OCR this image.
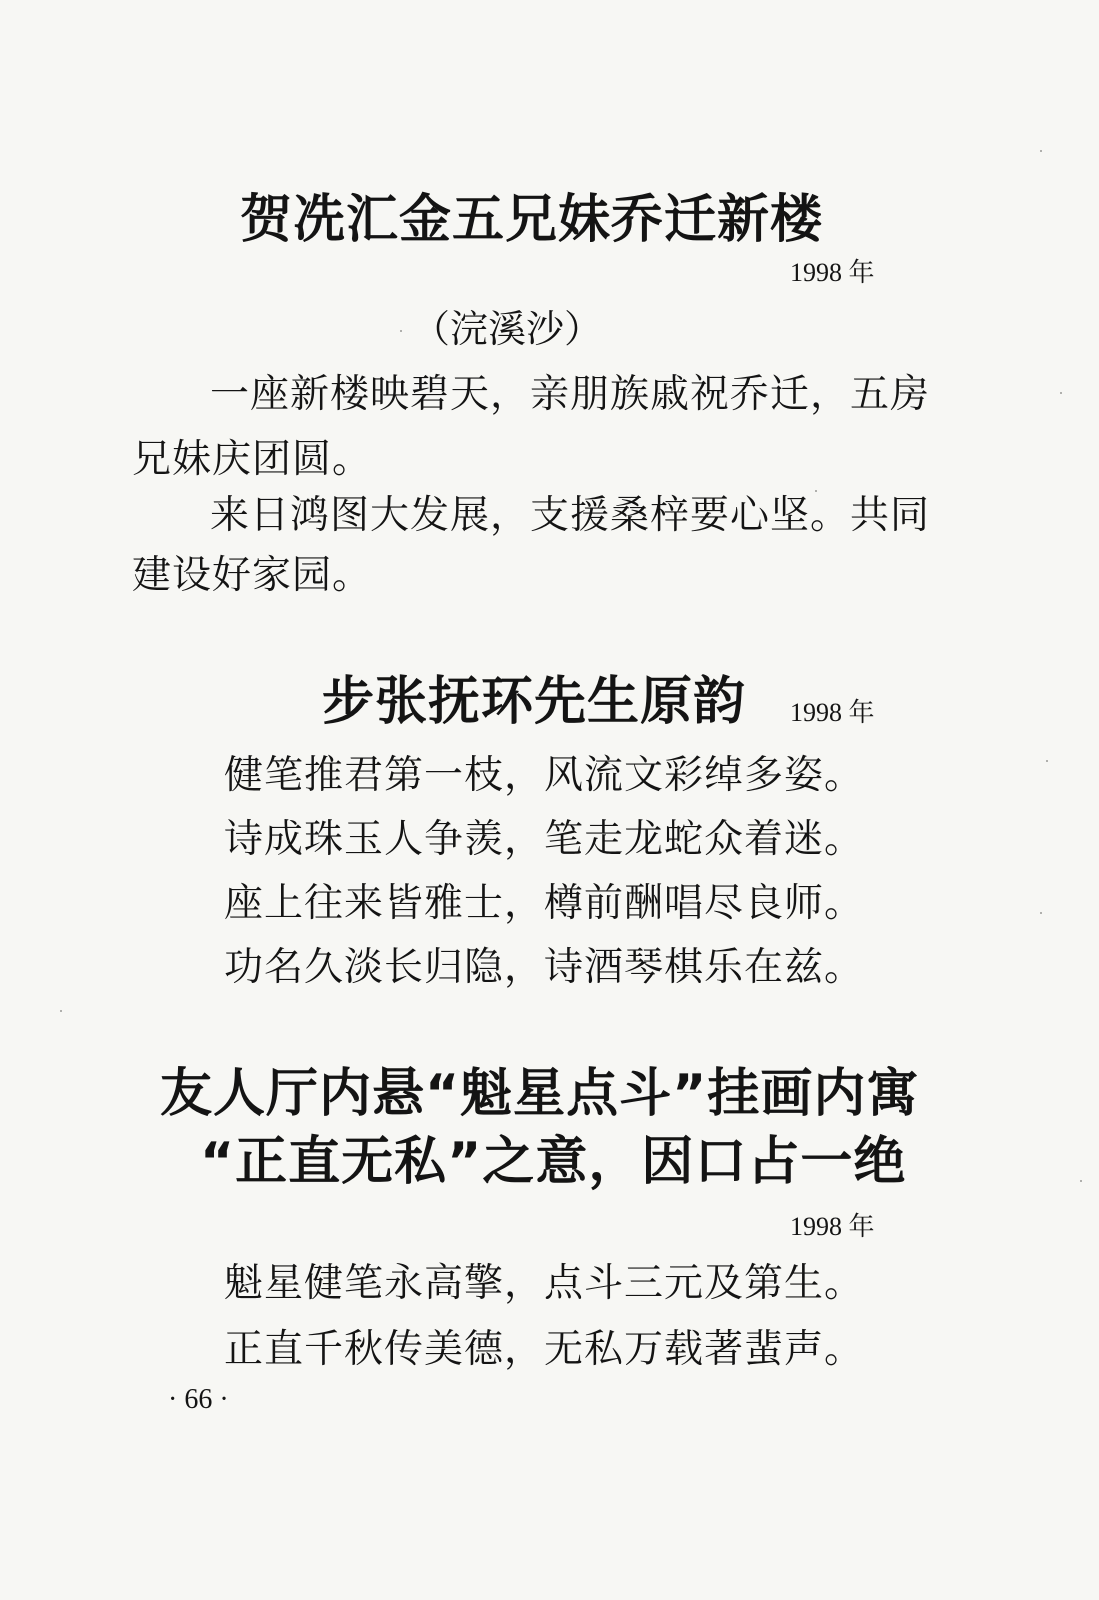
贺冼汇金五兄妹乔迁新楼
1998 年
（浣溪沙）
一座新楼映碧天，亲朋族戚祝乔迁，五房
兄妹庆团圆。
来日鸿图大发展，支援桑梓要心坚。共同
建设好家园。
步张抚环先生原韵 1998 年
健笔推君第一枝，风流文彩绰多姿。
诗成珠玉人争羡，笔走龙蛇众着迷。
座上往来皆雅士，樽前酬唱尽良师。
功名久淡长归隐，诗酒琴棋乐在兹。
友人厅内悬“魁星点斗”挂画内寓
“正直无私”之意，因口占一绝
1998 年
魁星健笔永高擎，点斗三元及第生。
正直千秋传美德，无私万载著蜚声。
· 66 ·
